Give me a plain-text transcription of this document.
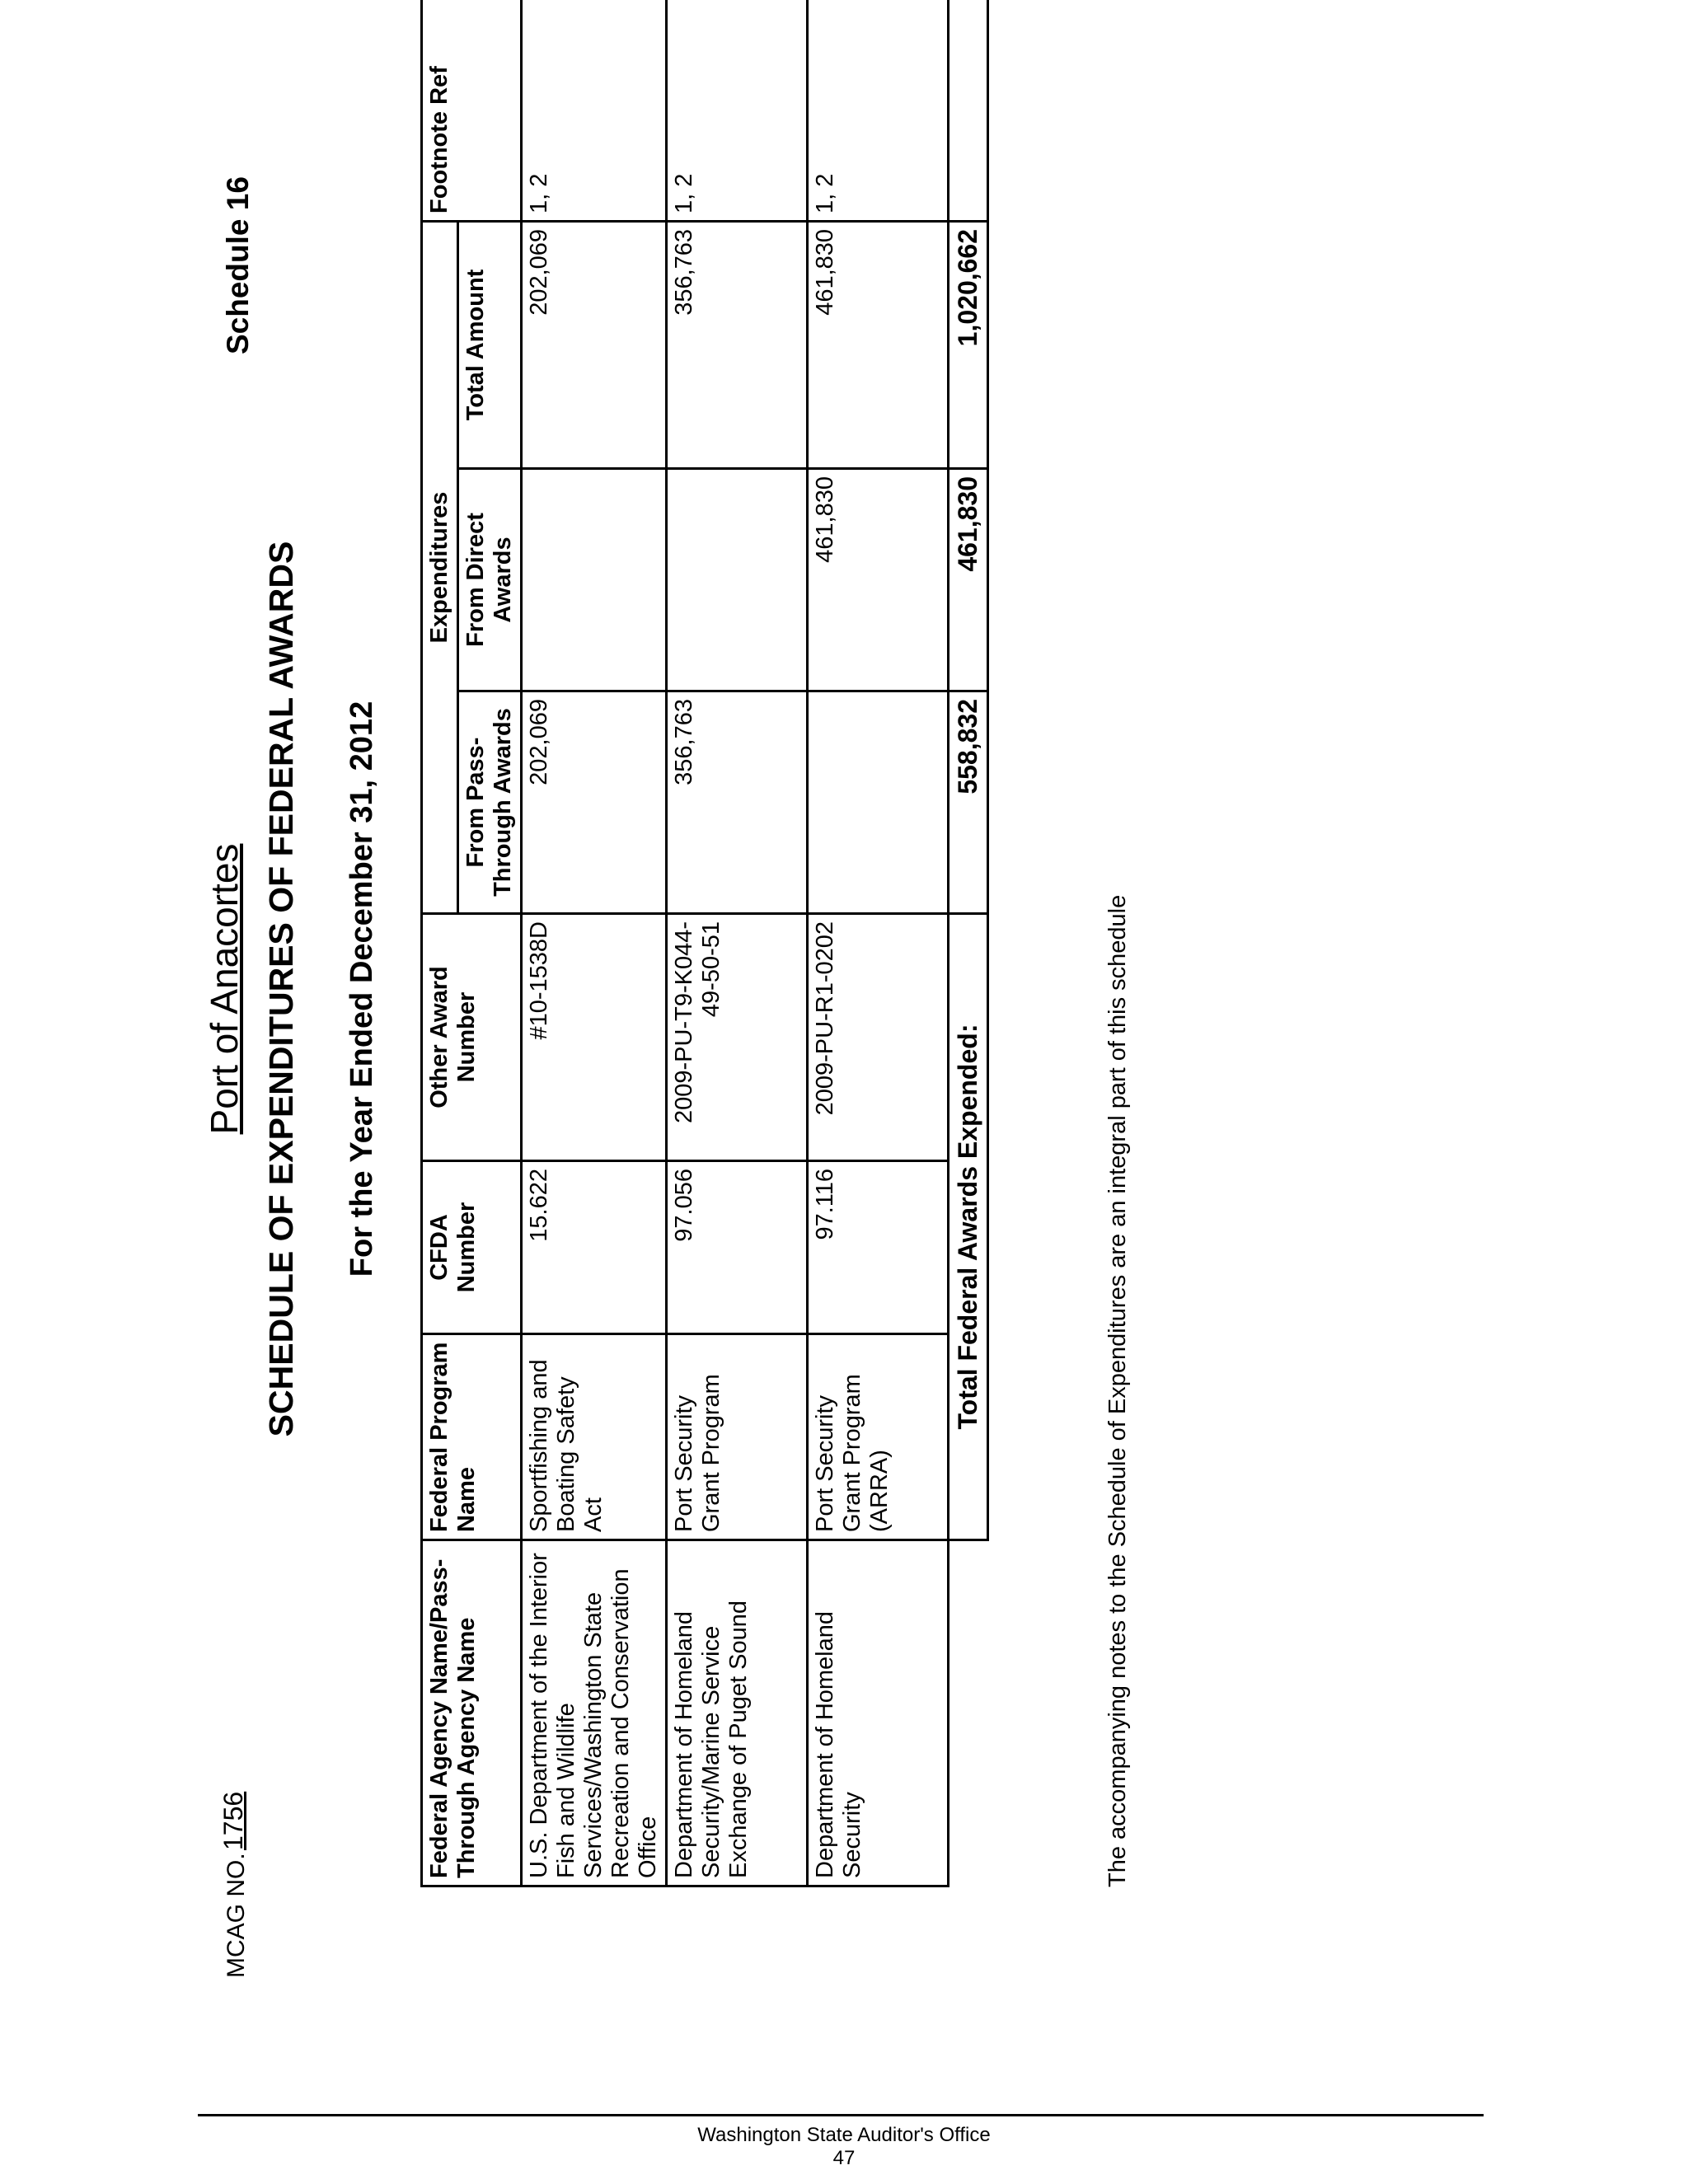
MCAG NO.
1756
Port of Anacortes
Schedule 16
SCHEDULE OF EXPENDITURES OF FEDERAL AWARDS For the Year Ended December 31, 2012
Federal Agency Name/Pass-Through Agency Name	Federal Program Name	CFDA Number	Other Award Number	Expenditures			Footnote Ref
				From Pass-Through Awards	From Direct Awards	Total Amount	
U.S. Department of the Interior Fish and Wildlife Services/Washington State Recreation and Conservation Office	Sportfishing and Boating Safety Act	15.622	#10-1538D	202,069		202,069	1, 2
Department of Homeland Security/Marine Service Exchange of Puget Sound	Port Security Grant Program	97.056	2009-PU-T9-K044-49-50-51	356,763		356,763	1, 2
Department of Homeland Security	Port Security Grant Program (ARRA)	97.116	2009-PU-R1-0202		461,830	461,830	1, 2
	Total Federal Awards Expended:			558,832	461,830	1,020,662	
The accompanying notes to the Schedule of Expenditures are an integral part of this schedule
Washington State Auditor's Office
47
